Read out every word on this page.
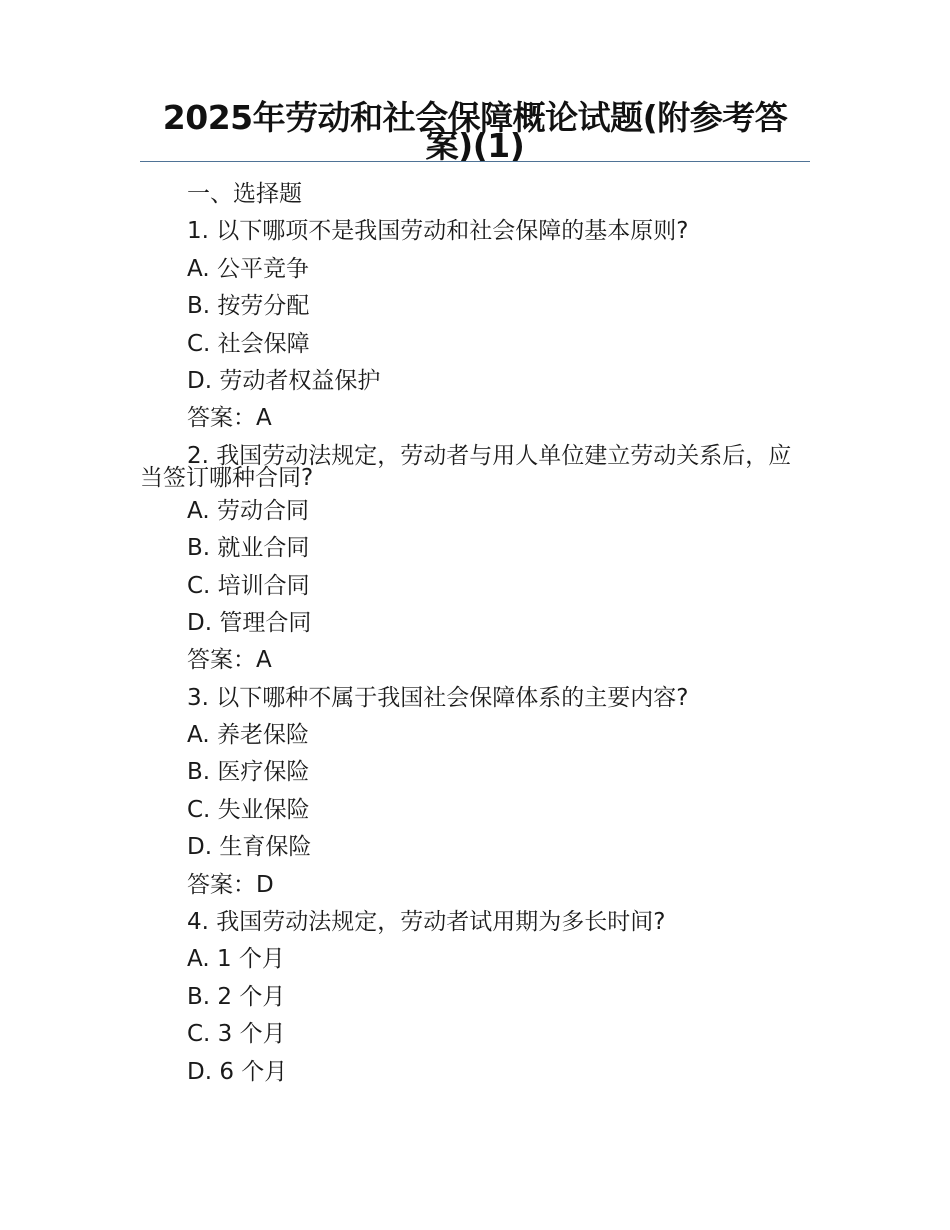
2025年劳动和社会保障概论试题(附参考答案)(1)
一、选择题
1. 以下哪项不是我国劳动和社会保障的基本原则?
A. 公平竞争
B. 按劳分配
C. 社会保障
D. 劳动者权益保护
答案：A
2. 我国劳动法规定，劳动者与用人单位建立劳动关系后，应当签订哪种合同?
A. 劳动合同
B. 就业合同
C. 培训合同
D. 管理合同
答案：A
3. 以下哪种不属于我国社会保障体系的主要内容?
A. 养老保险
B. 医疗保险
C. 失业保险
D. 生育保险
答案：D
4. 我国劳动法规定，劳动者试用期为多长时间?
A. 1 个月
B. 2 个月
C. 3 个月
D. 6 个月
